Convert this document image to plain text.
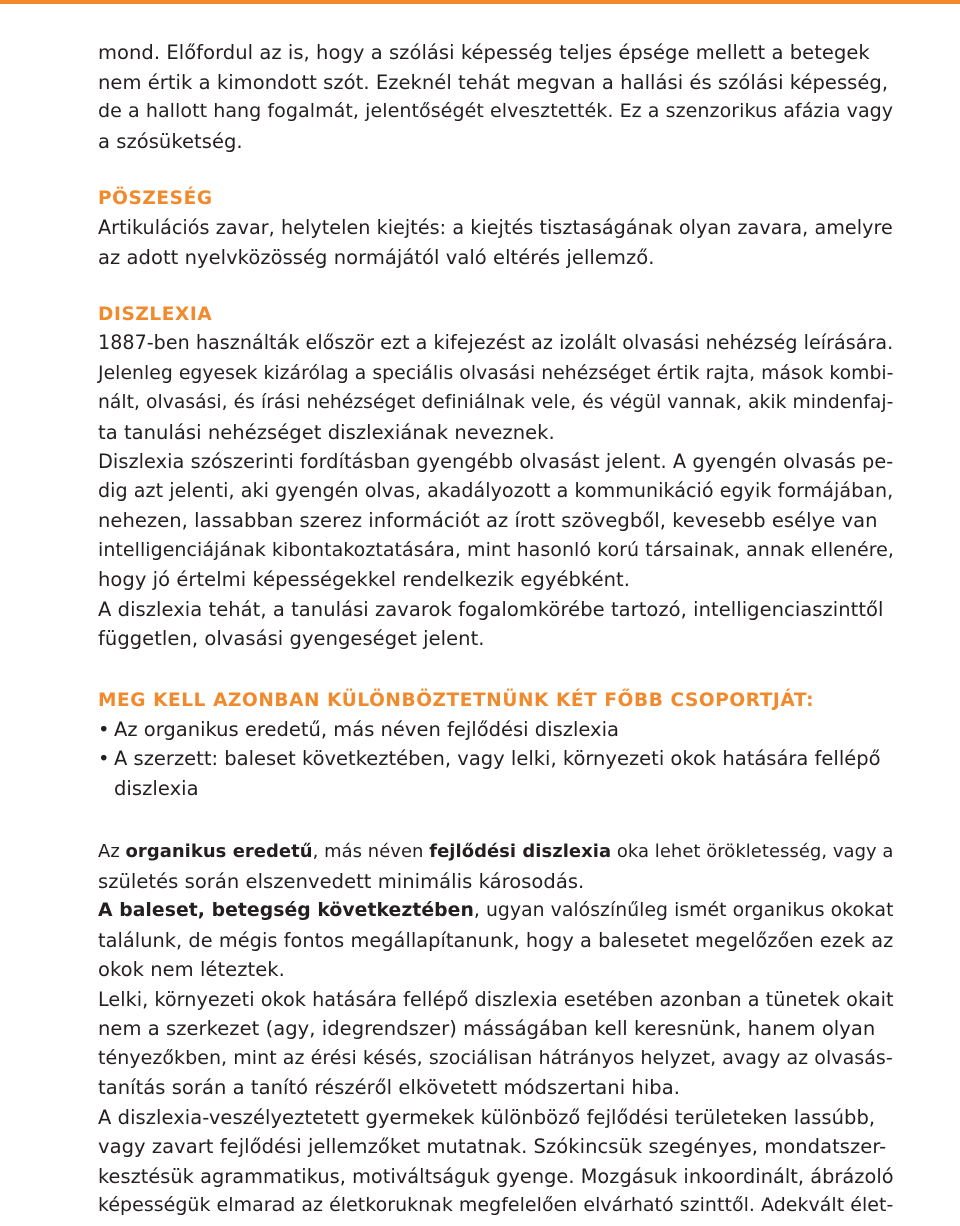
mond. Előfordul az is, hogy a szólási képesség teljes épsége mellett a betegek
nem értik a kimondott szót. Ezeknél tehát megvan a hallási és szólási képesség,
de a hallott hang fogalmát, jelentőségét elvesztették. Ez a szenzorikus afázia vagy
a szósüketség.
PÖSZESÉG
Artikulációs zavar, helytelen kiejtés: a kiejtés tisztaságának olyan zavara, amelyre
az adott nyelvközösség normájától való eltérés jellemző.
DISZLEXIA
1887-ben használták először ezt a kifejezést az izolált olvasási nehézség leírására.
Jelenleg egyesek kizárólag a speciális olvasási nehézséget értik rajta, mások kombi-
nált, olvasási, és írási nehézséget definiálnak vele, és végül vannak, akik mindenfaj-
ta tanulási nehézséget diszlexiának neveznek.
Diszlexia szószerinti fordításban gyengébb olvasást jelent. A gyengén olvasás pe-
dig azt jelenti, aki gyengén olvas, akadályozott a kommunikáció egyik formájában,
nehezen, lassabban szerez információt az írott szövegből, kevesebb esélye van
intelligenciájának kibontakoztatására, mint hasonló korú társainak, annak ellenére,
hogy jó értelmi képességekkel rendelkezik egyébként.
A diszlexia tehát, a tanulási zavarok fogalomkörébe tartozó, intelligenciaszinttől
független, olvasási gyengeséget jelent.
MEG KELL AZONBAN KÜLÖNBÖZTETNÜNK KÉT FŐBB CSOPORTJÁT:
• Az organikus eredetű, más néven fejlődési diszlexia
• A szerzett: baleset következtében, vagy lelki, környezeti okok hatására fellépő
diszlexia
Az organikus eredetű, más néven fejlődési diszlexia oka lehet örökletesség, vagy a
születés során elszenvedett minimális károsodás.
A baleset, betegség következtében, ugyan valószínűleg ismét organikus okokat
találunk, de mégis fontos megállapítanunk, hogy a balesetet megelőzően ezek az
okok nem léteztek.
Lelki, környezeti okok hatására fellépő diszlexia esetében azonban a tünetek okait
nem a szerkezet (agy, idegrendszer) másságában kell keresnünk, hanem olyan
tényezőkben, mint az érési késés, szociálisan hátrányos helyzet, avagy az olvasás-
tanítás során a tanító részéről elkövetett módszertani hiba.
A diszlexia-veszélyeztetett gyermekek különböző fejlődési területeken lassúbb,
vagy zavart fejlődési jellemzőket mutatnak. Szókincsük szegényes, mondatszer-
kesztésük agrammatikus, motiváltságuk gyenge. Mozgásuk inkoordinált, ábrázoló
képességük elmarad az életkoruknak megfelelően elvárható szinttől. Adekvált élet-
